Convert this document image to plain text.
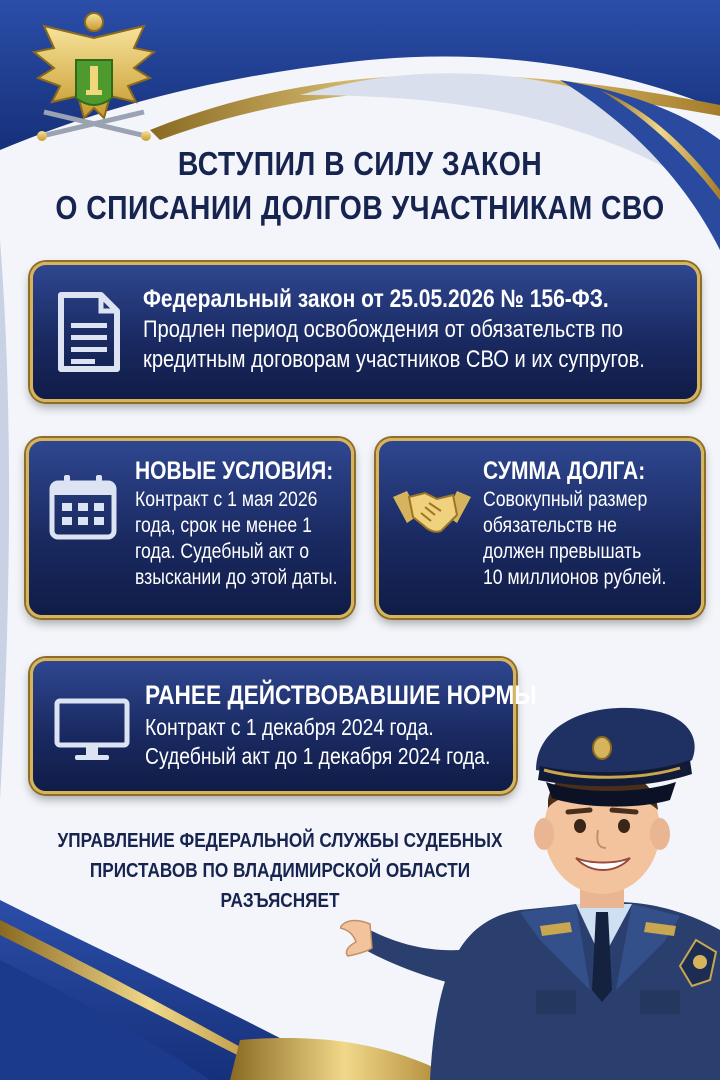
ВСТУПИЛ В СИЛУ ЗАКОН
О СПИСАНИИ ДОЛГОВ УЧАСТНИКАМ СВО
Федеральный закон от 25.05.2026 № 156-ФЗ.
Продлен период освобождения от обязательств по
кредитным договорам участников СВО и их супругов.
НОВЫЕ УСЛОВИЯ:
Контракт с 1 мая 2026
года, срок не менее 1
года. Судебный акт о
взыскании до этой даты.
СУММА ДОЛГА:
Совокупный размер
обязательств не
должен превышать
10 миллионов рублей.
РАНЕЕ ДЕЙСТВОВАВШИЕ НОРМЫ
Контракт с 1 декабря 2024 года.
Судебный акт до 1 декабря 2024 года.
УПРАВЛЕНИЕ ФЕДЕРАЛЬНОЙ СЛУЖБЫ СУДЕБНЫХ
ПРИСТАВОВ ПО ВЛАДИМИРСКОЙ ОБЛАСТИ РАЗЪЯСНЯЕТ
